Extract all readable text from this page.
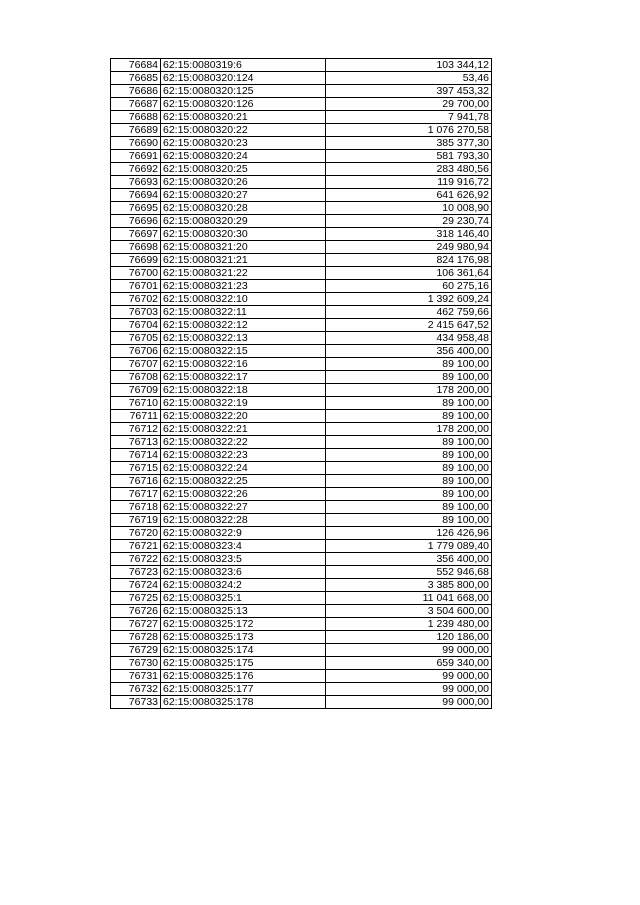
76684	62:15:0080319:6	103 344,12
76685	62:15:0080320:124	53,46
76686	62:15:0080320:125	397 453,32
76687	62:15:0080320:126	29 700,00
76688	62:15:0080320:21	7 941,78
76689	62:15:0080320:22	1 076 270,58
76690	62:15:0080320:23	385 377,30
76691	62:15:0080320:24	581 793,30
76692	62:15:0080320:25	283 480,56
76693	62:15:0080320:26	119 916,72
76694	62:15:0080320:27	641 626,92
76695	62:15:0080320:28	10 008,90
76696	62:15:0080320:29	29 230,74
76697	62:15:0080320:30	318 146,40
76698	62:15:0080321:20	249 980,94
76699	62:15:0080321:21	824 176,98
76700	62:15:0080321:22	106 361,64
76701	62:15:0080321:23	60 275,16
76702	62:15:0080322:10	1 392 609,24
76703	62:15:0080322:11	462 759,66
76704	62:15:0080322:12	2 415 647,52
76705	62:15:0080322:13	434 958,48
76706	62:15:0080322:15	356 400,00
76707	62:15:0080322:16	89 100,00
76708	62:15:0080322:17	89 100,00
76709	62:15:0080322:18	178 200,00
76710	62:15:0080322:19	89 100,00
76711	62:15:0080322:20	89 100,00
76712	62:15:0080322:21	178 200,00
76713	62:15:0080322:22	89 100,00
76714	62:15:0080322:23	89 100,00
76715	62:15:0080322:24	89 100,00
76716	62:15:0080322:25	89 100,00
76717	62:15:0080322:26	89 100,00
76718	62:15:0080322:27	89 100,00
76719	62:15:0080322:28	89 100,00
76720	62:15:0080322:9	126 426,96
76721	62:15:0080323:4	1 779 089,40
76722	62:15:0080323:5	356 400,00
76723	62:15:0080323:6	552 946,68
76724	62:15:0080324:2	3 385 800,00
76725	62:15:0080325:1	11 041 668,00
76726	62:15:0080325:13	3 504 600,00
76727	62:15:0080325:172	1 239 480,00
76728	62:15:0080325:173	120 186,00
76729	62:15:0080325:174	99 000,00
76730	62:15:0080325:175	659 340,00
76731	62:15:0080325:176	99 000,00
76732	62:15:0080325:177	99 000,00
76733	62:15:0080325:178	99 000,00
